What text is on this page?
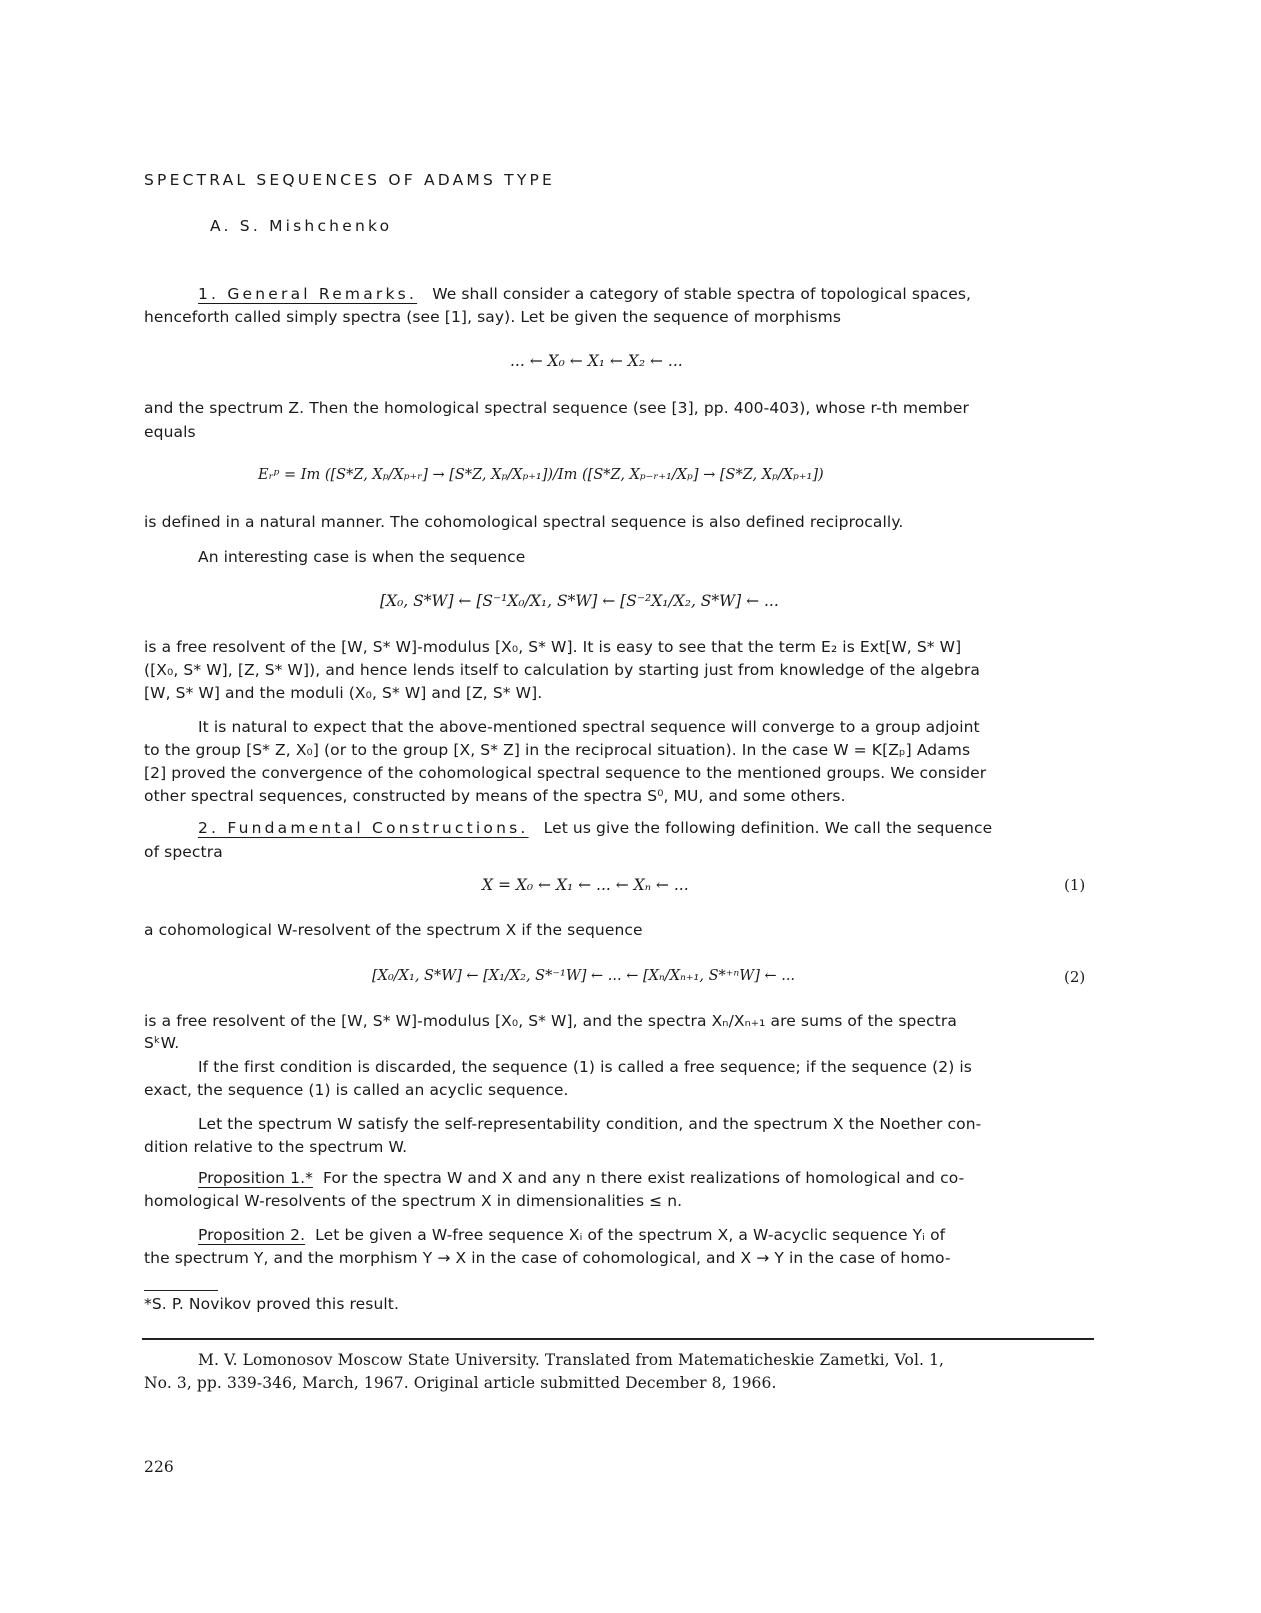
SPECTRAL SEQUENCES OF ADAMS TYPE
A. S. Mishchenko
1. General Remarks. We shall consider a category of stable spectra of topological spaces,
henceforth called simply spectra (see [1], say). Let be given the sequence of morphisms
... ← X₀ ← X₁ ← X₂ ← ...
and the spectrum Z. Then the homological spectral sequence (see [3], pp. 400-403), whose r-th member
equals
Eᵣᵖ = Im ([S*Z, Xₚ/Xₚ₊ᵣ] → [S*Z, Xₚ/Xₚ₊₁])/Im ([S*Z, Xₚ₋ᵣ₊₁/Xₚ] → [S*Z, Xₚ/Xₚ₊₁])
is defined in a natural manner. The cohomological spectral sequence is also defined reciprocally.
An interesting case is when the sequence
[X₀, S*W] ← [S⁻¹X₀/X₁, S*W] ← [S⁻²X₁/X₂, S*W] ← ...
is a free resolvent of the [W, S* W]-modulus [X₀, S* W]. It is easy to see that the term E₂ is Ext[W, S* W]
([X₀, S* W], [Z, S* W]), and hence lends itself to calculation by starting just from knowledge of the algebra
[W, S* W] and the moduli (X₀, S* W] and [Z, S* W].
It is natural to expect that the above-mentioned spectral sequence will converge to a group adjoint
to the group [S* Z, X₀] (or to the group [X, S* Z] in the reciprocal situation). In the case W = K[Zₚ] Adams
[2] proved the convergence of the cohomological spectral sequence to the mentioned groups. We consider
other spectral sequences, constructed by means of the spectra S⁰, MU, and some others.
2. Fundamental Constructions. Let us give the following definition. We call the sequence
of spectra
X = X₀ ← X₁ ← ... ← Xₙ ← ...	(1)
a cohomological W-resolvent of the spectrum X if the sequence
[X₀/X₁, S*W] ← [X₁/X₂, S*⁻¹W] ← ... ← [Xₙ/Xₙ₊₁, S*⁺ⁿW] ← ...	(2)
is a free resolvent of the [W, S* W]-modulus [X₀, S* W], and the spectra Xₙ/Xₙ₊₁ are sums of the spectra
SᵏW.
If the first condition is discarded, the sequence (1) is called a free sequence; if the sequence (2) is
exact, the sequence (1) is called an acyclic sequence.
Let the spectrum W satisfy the self-representability condition, and the spectrum X the Noether con-
dition relative to the spectrum W.
Proposition 1.* For the spectra W and X and any n there exist realizations of homological and co-
homological W-resolvents of the spectrum X in dimensionalities ≤ n.
Proposition 2. Let be given a W-free sequence Xᵢ of the spectrum X, a W-acyclic sequence Yᵢ of
the spectrum Y, and the morphism Y → X in the case of cohomological, and X → Y in the case of homo-
*S. P. Novikov proved this result.
M. V. Lomonosov Moscow State University. Translated from Matematicheskie Zametki, Vol. 1,
No. 3, pp. 339-346, March, 1967. Original article submitted December 8, 1966.
226
